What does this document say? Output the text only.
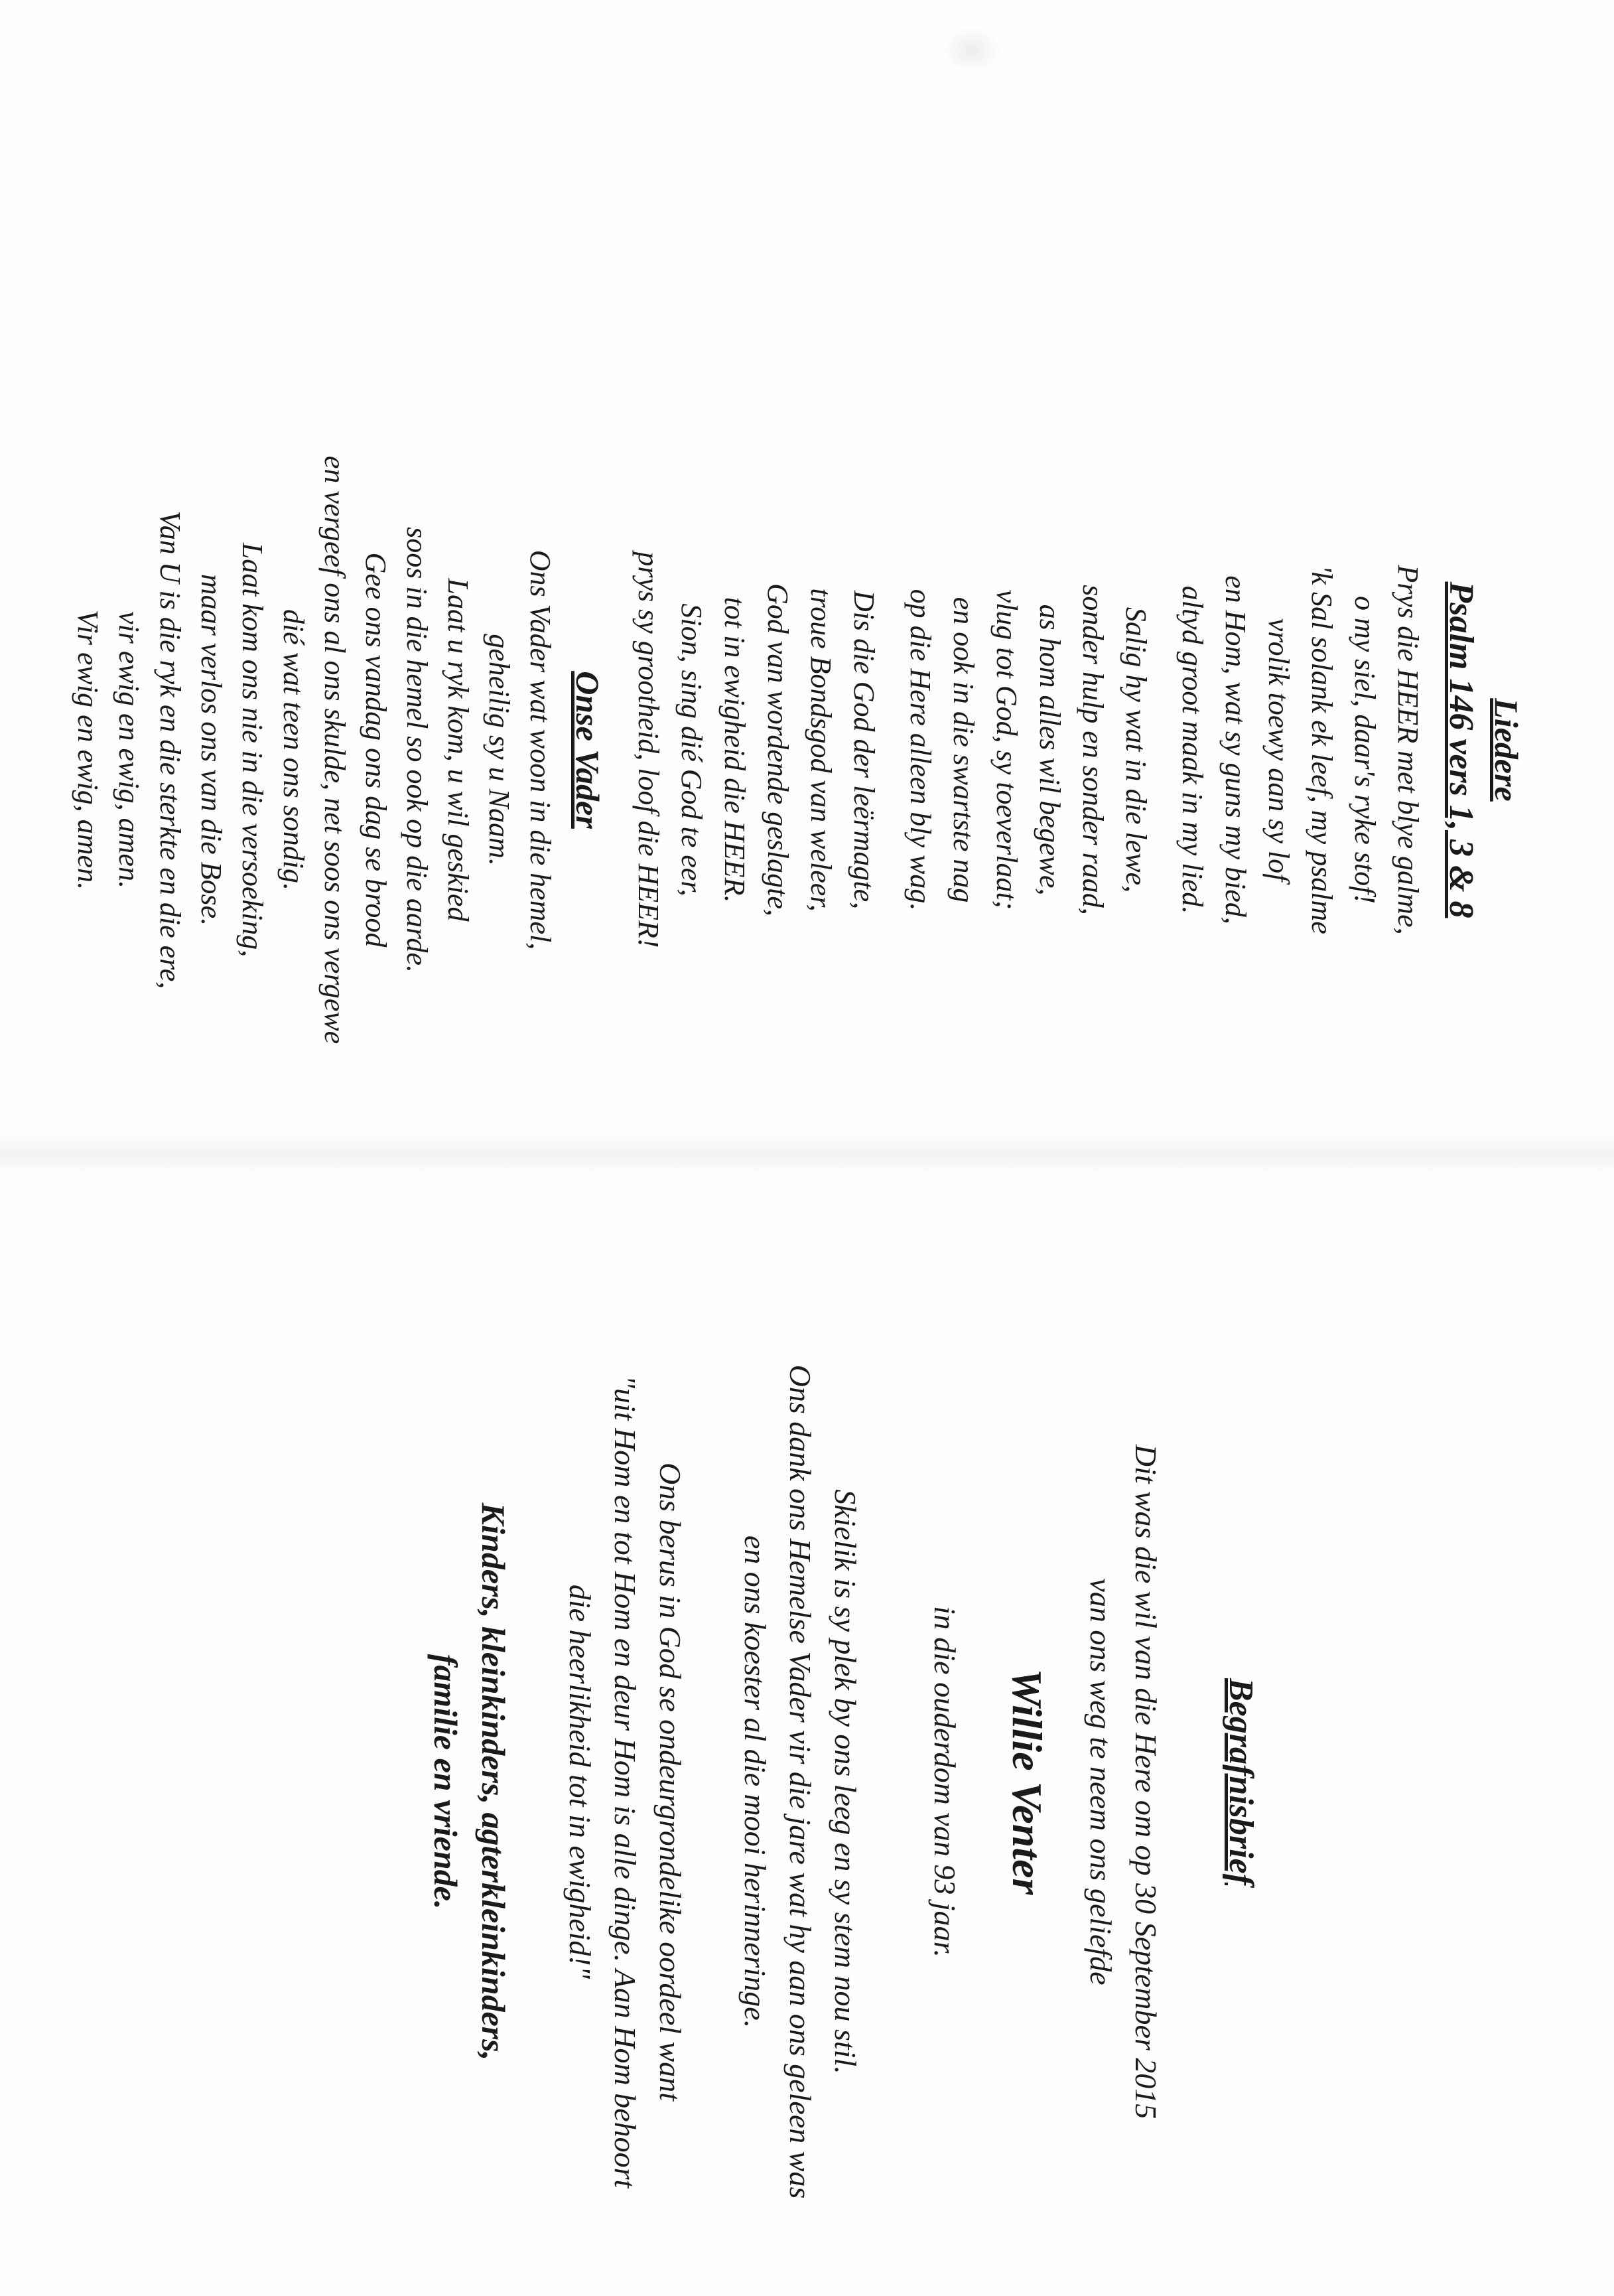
Liedere
Psalm 146 vers 1, 3 & 8
Prys die HEER met blye galme,
o my siel, daar's ryke stof!
'k Sal solank ek leef, my psalme
vrolik toewy aan sy lof
en Hom, wat sy guns my bied,
altyd groot maak in my lied.
Salig hy wat in die lewe,
sonder hulp en sonder raad,
as hom alles wil begewe,
vlug tot God, sy toeverlaat;
en ook in die swartste nag
op die Here alleen bly wag.
Dis die God der leërmagte,
troue Bondsgod van weleer,
God van wordende geslagte,
tot in ewigheid die HEER.
Sion, sing dié God te eer,
prys sy grootheid, loof die HEER!
Onse Vader
Ons Vader wat woon in die hemel,
geheilig sy u Naam.
Laat u ryk kom, u wil geskied
soos in die hemel so ook op die aarde.
Gee ons vandag ons dag se brood
en vergeef ons al ons skulde, net soos ons vergewe
dié wat teen ons sondig.
Laat kom ons nie in die versoeking,
maar verlos ons van die Bose.
Van U is die ryk en die sterkte en die ere,
vir ewig en ewig, amen.
Vir ewig en ewig, amen.
Begrafnisbrief
Dit was die wil van die Here om op 30 September 2015
van ons weg te neem ons geliefde
Willie Venter
in die ouderdom van 93 jaar.
Skielik is sy plek by ons leeg en sy stem nou stil.
Ons dank ons Hemelse Vader vir die jare wat hy aan ons geleen was
en ons koester al die mooi herinneringe.
Ons berus in God se ondeurgrondelike oordeel want
"uit Hom en tot Hom en deur Hom is alle dinge. Aan Hom behoort
die heerlikheid tot in ewigheid!"
Kinders, kleinkinders, agterkleinkinders,
familie en vriende.
